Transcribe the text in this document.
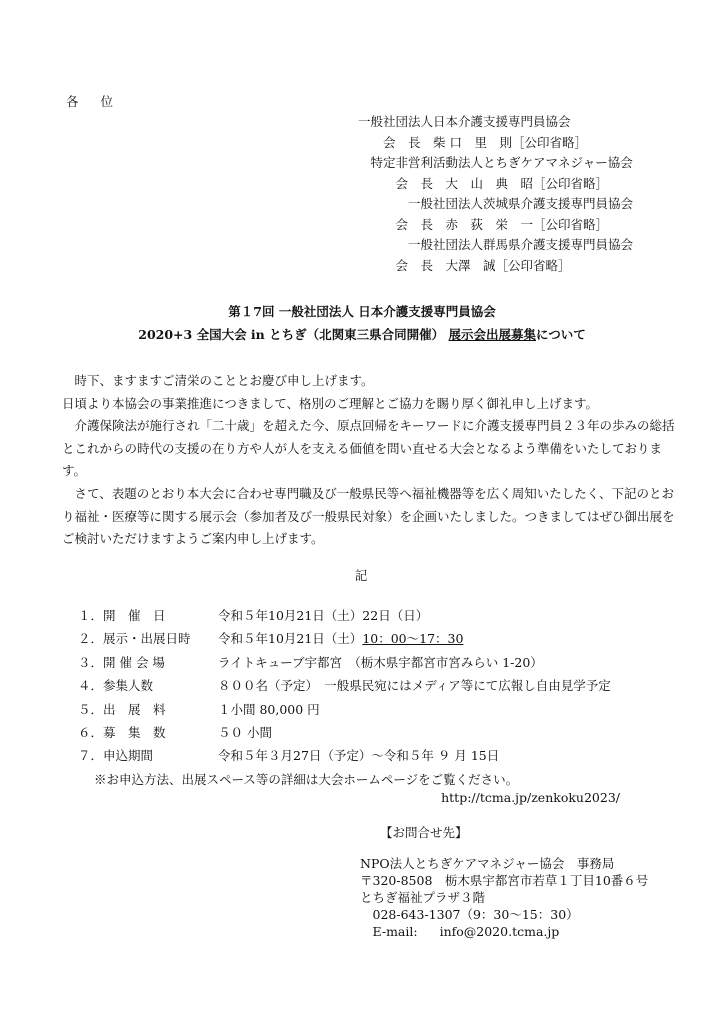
各位
一般社団法人日本介護支援専門員協会
　　会　長　柴 口　里　則［公印省略］
　特定非営利活動法人とちぎケアマネジャー協会
　　　会　長　大　山　典　昭［公印省略］
　　　　一般社団法人茨城県介護支援専門員協会
　　　会　長　赤　荻　栄　一［公印省略］
　　　　一般社団法人群馬県介護支援専門員協会
　　　会　長　大澤　誠［公印省略］
第１7回 一般社団法人 日本介護支援専門員協会
2020+3 全国大会 in とちぎ（北関東三県合同開催） 展示会出展募集について

　時下、ますますご清栄のこととお慶び申し上げます。

日頃より本協会の事業推進につきまして、格別のご理解とご協力を賜り厚く御礼申し上げます。

　介護保険法が施行され「二十歳」を超えた今、原点回帰をキーワードに介護支援専門員２３年の歩みの総括とこれからの時代の支援の在り方や人が人を支える価値を問い直せる大会となるよう準備をいたしております。

　さて、表題のとおり本大会に合わせ専門職及び一般県民等へ福祉機器等を広く周知いたしたく、下記のとおり福祉・医療等に関する展示会（参加者及び一般県民対象）を企画いたしました。つきましてはぜひ御出展をご検討いただけますようご案内申し上げます。

記
１．開　催　日	令和５年10月21日（土）22日（日）
２．展示・出展日時	令和５年10月21日（土） 10：00～17：30
３．開 催 会 場	ライトキューブ宇都宮　（栃木県宇都宮市宮みらい 1-20）
４．参集人数	８００名（予定）　一般県民宛にはメディア等にて広報し自由見学予定
５．出　展　料	１小間 80,000 円
６．募　集　数	５０ 小間
７．申込期間	令和５年３月27日（予定）～令和５年 ９ 月 15日
※お申込方法、出展スペース等の詳細は大会ホームページをご覧ください。
http://tcma.jp/zenkoku2023/
【お問合せ先】
NPO法人とちぎケアマネジャー協会　事務局
〒320-8508　栃木県宇都宮市若草１丁目10番６号
とちぎ福祉プラザ３階
　028-643-1307（9：30～15：30）
　E-mail: info@2020.tcma.jp
